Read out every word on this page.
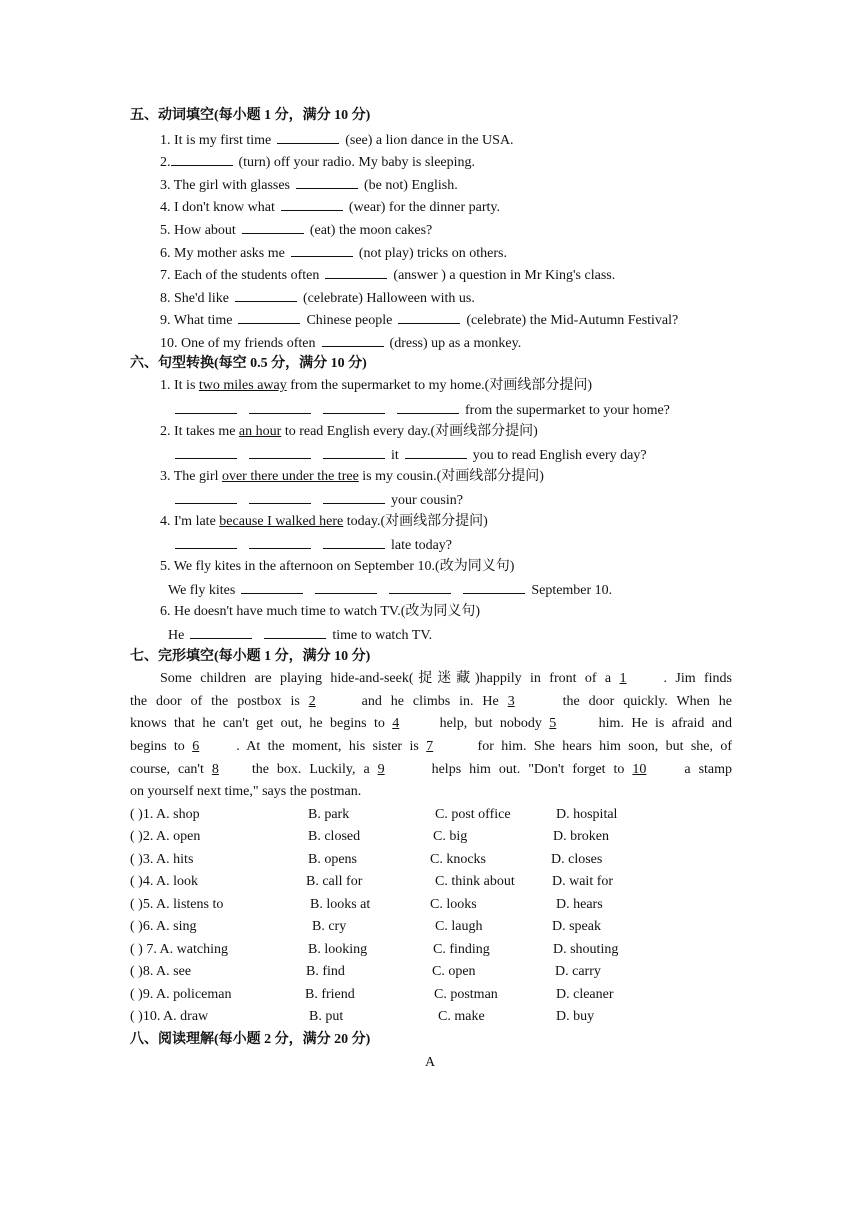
五、动词填空(每小题 1 分，满分 10 分)
1. It is my first time	(see) a lion dance in the USA.
2.	(turn) off your radio. My baby is sleeping.
3. The girl with glasses	(be not) English.
4. I don't know what	(wear) for the dinner party.
5. How about	(eat) the moon cakes?
6. My mother asks me	(not play) tricks on others.
7. Each of the students often	(answer ) a question in Mr King's class.
8. She'd like	(celebrate) Halloween with us.
9. What time	Chinese people	(celebrate) the Mid-Autumn Festival?
10. One of my friends often	(dress) up as a monkey.
六、句型转换(每空 0.5 分，满分 10 分)
1. It is two miles away from the supermarket to my home.(对画线部分提问)
from the supermarket to your home?
2. It takes me an hour to read English every day.(对画线部分提问)
it	you to read English every day?
3. The girl over there under the tree is my cousin.(对画线部分提问)
your cousin?
4. I'm late because I walked here today.(对画线部分提问)
late today?
5. We fly kites in the afternoon on September 10.(改为同义句)
We fly kites	September 10.
6. He doesn't have much time to watch TV.(改为同义句)
He	time to watch TV.
七、完形填空(每小题 1 分，满分 10 分)
Some children are playing hide-and-seek(捉迷藏)happily in front of a 1	. Jim finds
the door of the postbox is 2	and he climbs in. He 3	the door quickly. When he
knows that he can't get out, he begins to 4	help, but nobody 5	him. He is afraid and
begins to 6	. At the moment, his sister is 7	for him. She hears him soon, but she, of
course, can't 8 the box. Luckily, a 9	helps him out. "Don't forget to 10	a stamp
on yourself next time," says the postman.
( )1. A. shop	B. park	C. post office	D. hospital
( )2. A. open	B. closed	C. big	D. broken
( )3. A. hits	B. opens	C. knocks	D. closes
( )4. A. look	B. call for	C. think about	D. wait for
( )5. A. listens to	B. looks at	C. looks	D. hears
( )6. A. sing	B. cry	C. laugh	D. speak
( ) 7. A. watching	B. looking	C. finding	D. shouting
( )8. A. see	B. find	C. open	D. carry
( )9. A. policeman	B. friend	C. postman	D. cleaner
( )10. A. draw	B. put	C. make	D. buy
八、阅读理解(每小题 2 分，满分 20 分)
A
